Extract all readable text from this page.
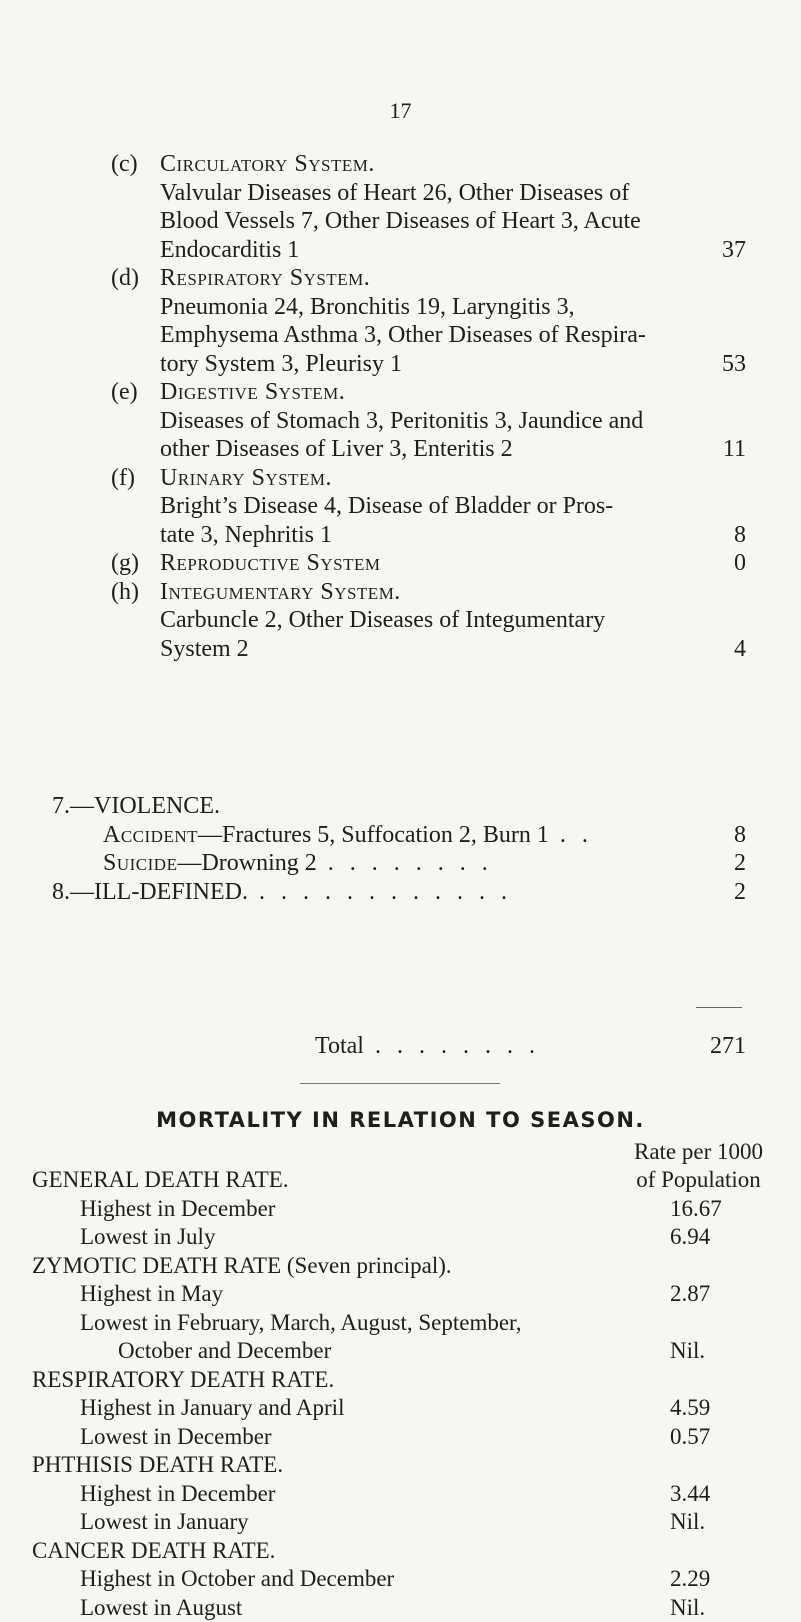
17
(c) Circulatory System.
Valvular Diseases of Heart 26, Other Diseases of
Blood Vessels 7, Other Diseases of Heart 3, Acute
Endocarditis 1	37
(d) Respiratory System.
Pneumonia 24, Bronchitis 19, Laryngitis 3,
Emphysema Asthma 3, Other Diseases of Respira-
tory System 3, Pleurisy 1	53
(e) Digestive System.
Diseases of Stomach 3, Peritonitis 3, Jaundice and
other Diseases of Liver 3, Enteritis 2	11
(f) Urinary System.
Bright’s Disease 4, Disease of Bladder or Pros-
tate 3, Nephritis 1	8
(g) Reproductive System	0
(h) Integumentary System.
Carbuncle 2, Other Diseases of Integumentary
System 2	4
7.—VIOLENCE.
Accident—Fractures 5, Suffocation 2, Burn 1 . .	8
Suicide—Drowning 2 . . . . . . . .	2
8.—ILL-DEFINED. . . . . . . . . . . . .	2
Total . . . . . . . .	271
MORTALITY IN RELATION TO SEASON.
Rate per 1000
of Population
GENERAL DEATH RATE.
Highest in December	16.67
Lowest in July	6.94
ZYMOTIC DEATH RATE (Seven principal).
Highest in May	2.87
Lowest in February, March, August, September,
October and December	Nil.
RESPIRATORY DEATH RATE.
Highest in January and April	4.59
Lowest in December	0.57
PHTHISIS DEATH RATE.
Highest in December	3.44
Lowest in January	Nil.
CANCER DEATH RATE.
Highest in October and December	2.29
Lowest in August	Nil.
